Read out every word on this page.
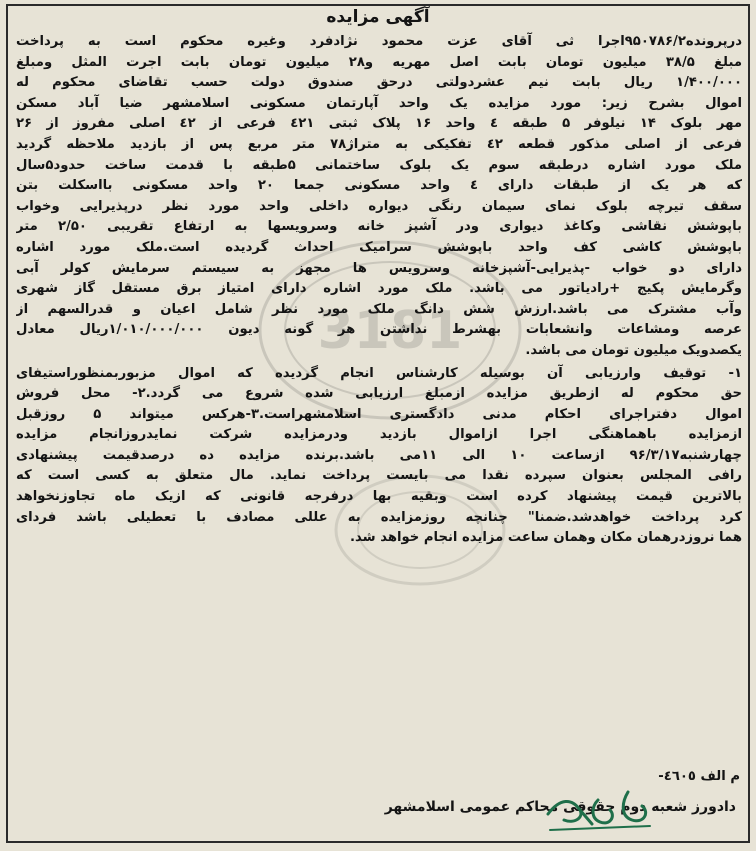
3181
آگهی مزایده
درپرونده۹۵۰۷۸۶/۲اجرا ثی آقای عزت محمود نژادفرد وغیره محکوم است به پرداخت
مبلغ ۳۸/۵ میلیون تومان بابت اصل مهریه و۲۸ میلیون تومان بابت اجرت المثل ومبلغ
۱/۴۰۰/۰۰۰ ریال بابت نیم عشردولتی درحق صندوق دولت حسب تقاضای محکوم له
اموال بشرح زیر: مورد مزایده یک واحد آپارتمان مسکونی اسلامشهر ضیا آباد مسکن
مهر بلوک ۱۴ نیلوفر ۵ طبقه ٤ واحد ۱۶ پلاک ثبتی ٤۲۱ فرعی از ٤۲ اصلی مفروز از ۲۶
فرعی از اصلی مذکور قطعه ٤۲ تفکیکی به متراژ۷۸ متر مربع پس از بازدید ملاحظه گردید
ملک مورد اشاره درطبقه سوم یک بلوک ساختمانی ۵طبقه با قدمت ساخت حدود۵سال
که هر یک از طبقات دارای ٤ واحد مسکونی جمعا ۲۰ واحد مسکونی بااسکلت بتن
سقف تیرچه بلوک نمای سیمان رنگی دیواره داخلی واحد مورد نظر درپذیرایی وخواب
باپوشش نقاشی وکاغذ دیواری ودر آشپز خانه وسرویسها به ارتفاع تقریبی ۲/۵۰ متر
باپوشش کاشی کف واحد باپوشش سرامیک احداث گردیده است.ملک مورد اشاره
دارای دو خواب -پذیرایی-آشپزخانه وسرویس ها مجهز به سیستم سرمایش کولر آبی
وگرمایش پکیج +رادیاتور می باشد. ملک مورد اشاره دارای امتیاز برق مستقل گاز شهری
وآب مشترک می باشد.ارزش شش دانگ ملک مورد نظر شامل اعیان و قدرالسهم از
عرصه ومشاعات وانشعابات بهشرط نداشتن هر گونه دیون ۱/۰۱۰/۰۰۰/۰۰۰ریال معادل
یکصدویک میلیون تومان می باشد.
۱- توقیف وارزیابی آن بوسیله کارشناس انجام گردیده که اموال مزبوربمنظوراستیفای
حق محکوم له ازطریق مزایده ازمبلغ ارزیابی شده شروع می گردد.۲- محل فروش
اموال دفتراجرای احکام مدنی دادگستری اسلامشهراست.۳-هرکس میتواند ۵ روزقبل
ازمزایده باهماهنگی اجرا ازاموال بازدید ودرمزایده شرکت نمایدروزانجام مزایده
چهارشنبه۹۶/۳/۱۷ ازساعت ۱۰ الی ۱۱می باشد.برنده مزایده ده درصدقیمت پیشنهادی
رافی المجلس بعنوان سپرده نقدا می بایست پرداخت نماید. مال متعلق به کسی است که
بالاترین قیمت پیشنهاد کرده است وبقیه بها درفرجه قانونی که ازیک ماه تجاوزنخواهد
کرد پرداخت خواهدشد.ضمنا" چنانچه روزمزایده به عللی مصادف با تعطیلی باشد فردای
هما نروزدرهمان مکان وهمان ساعت مزایده انجام خواهد شد.
م الف ٤٦٠٥-
دادورز شعبه دوم حقوقی محاکم عمومی اسلامشهر
